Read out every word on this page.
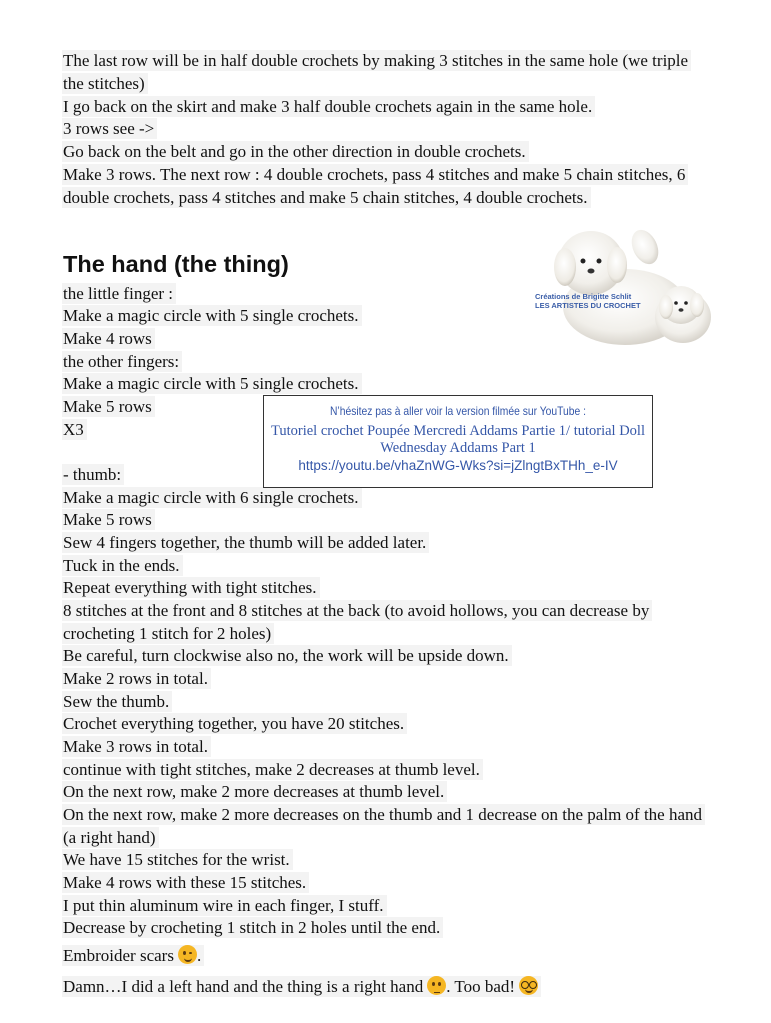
The last row will be in half double crochets by making 3 stitches in the same hole (we triple the stitches)

I go back on the skirt and make 3 half double crochets again in the same hole.

3 rows see ->

Go back on the belt and go in the other direction in double crochets.

Make 3 rows. The next row : 4 double crochets, pass 4 stitches and make 5 chain stitches, 6 double crochets, pass 4 stitches and make 5 chain stitches, 4 double crochets.

The hand (the thing)
Créations de Brigitte Schlit
LES ARTISTES DU CROCHET

the little finger :

Make a magic circle with 5 single crochets.

Make 4 rows

the other fingers:

Make a magic circle with 5 single crochets.

Make 5 rows

X3

- thumb:

Make a magic circle with 6 single crochets.

Make 5 rows

Sew 4 fingers together, the thumb will be added later.

Tuck in the ends.

Repeat everything with tight stitches.

8 stitches at the front and 8 stitches at the back (to avoid hollows, you can decrease by crocheting 1 stitch for 2 holes)

Be careful, turn clockwise also no, the work will be upside down.

Make 2 rows in total.

Sew the thumb.

Crochet everything together, you have 20 stitches.

Make 3 rows in total.

continue with tight stitches, make 2 decreases at thumb level.

On the next row, make 2 more decreases at thumb level.

On the next row, make 2 more decreases on the thumb and 1 decrease on the palm of the hand (a right hand)

We have 15 stitches for the wrist.

Make 4 rows with these 15 stitches.

I put thin aluminum wire in each finger, I stuff.

Decrease by crocheting 1 stitch in 2 holes until the end.

Embroider scars .

Damn…I did a left hand and the thing is a right hand . Too bad!

N’hésitez pas à aller voir la version filmée sur YouTube :
Tutoriel crochet Poupée Mercredi Addams Partie 1/ tutorial Doll
Wednesday Addams Part 1
https://youtu.be/vhaZnWG-Wks?si=jZlngtBxTHh_e-IV
